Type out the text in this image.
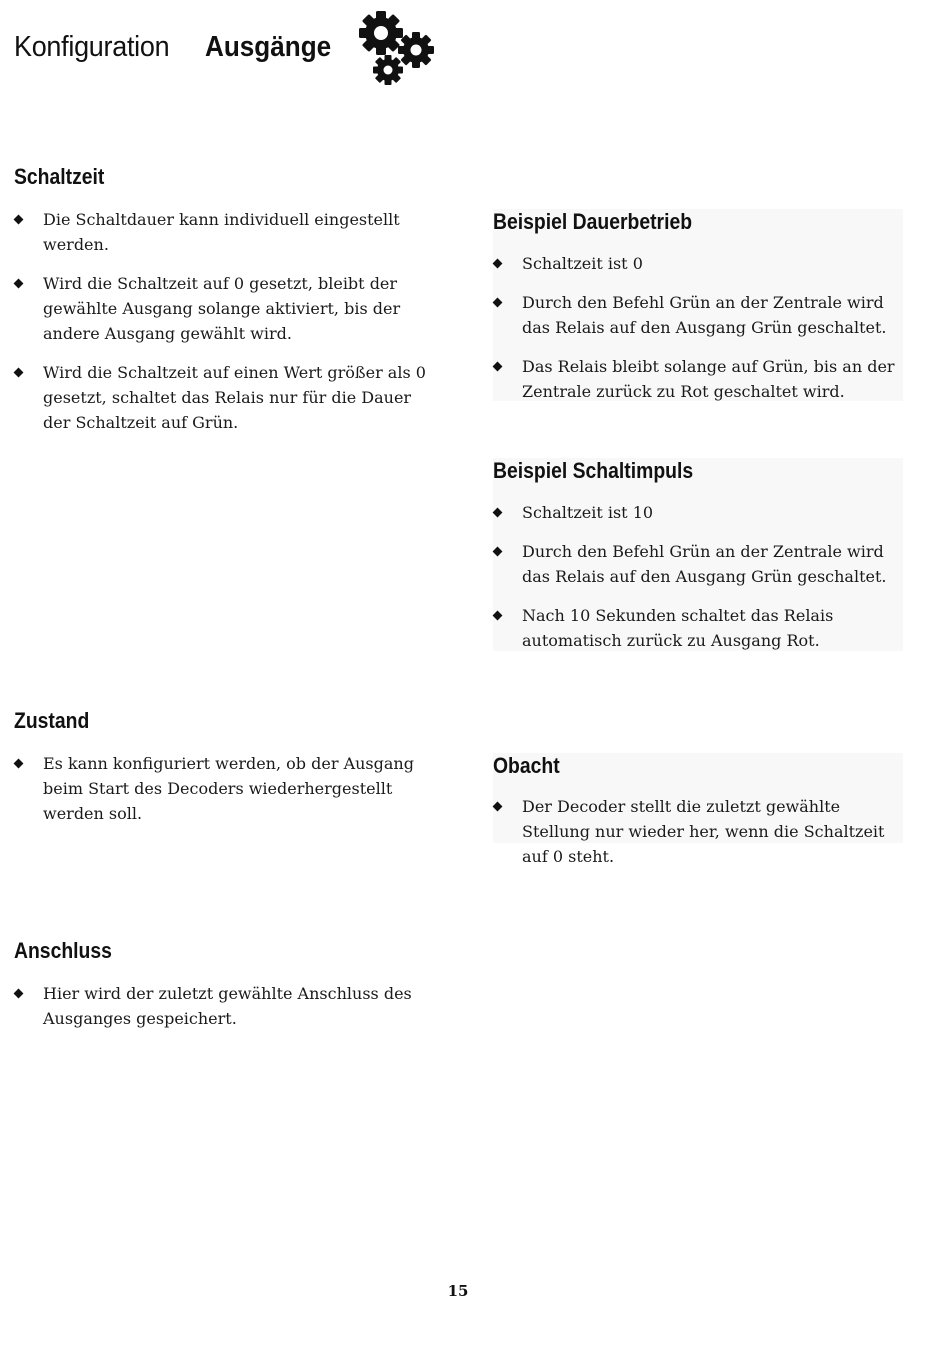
Konfiguration Ausgänge
Schaltzeit
Die Schaltdauer kann individuell eingestellt werden.
Wird die Schaltzeit auf 0 gesetzt, bleibt der gewählte Ausgang solange aktiviert, bis der andere Ausgang gewählt wird.
Wird die Schaltzeit auf einen Wert größer als 0 gesetzt, schaltet das Relais nur für die Dauer der Schaltzeit auf Grün.
Beispiel Dauerbetrieb
Schaltzeit ist 0
Durch den Befehl Grün an der Zentrale wird das Relais auf den Ausgang Grün geschaltet.
Das Relais bleibt solange auf Grün, bis an der Zentrale zurück zu Rot geschaltet wird.
Beispiel Schaltimpuls
Schaltzeit ist 10
Durch den Befehl Grün an der Zentrale wird das Relais auf den Ausgang Grün geschaltet.
Nach 10 Sekunden schaltet das Relais automatisch zurück zu Ausgang Rot.
Zustand
Es kann konfiguriert werden, ob der Ausgang beim Start des Decoders wiederhergestellt werden soll.
Obacht
Der Decoder stellt die zuletzt gewählte Stellung nur wieder her, wenn die Schaltzeit auf 0 steht.
Anschluss
Hier wird der zuletzt gewählte Anschluss des Ausganges gespeichert.
15
